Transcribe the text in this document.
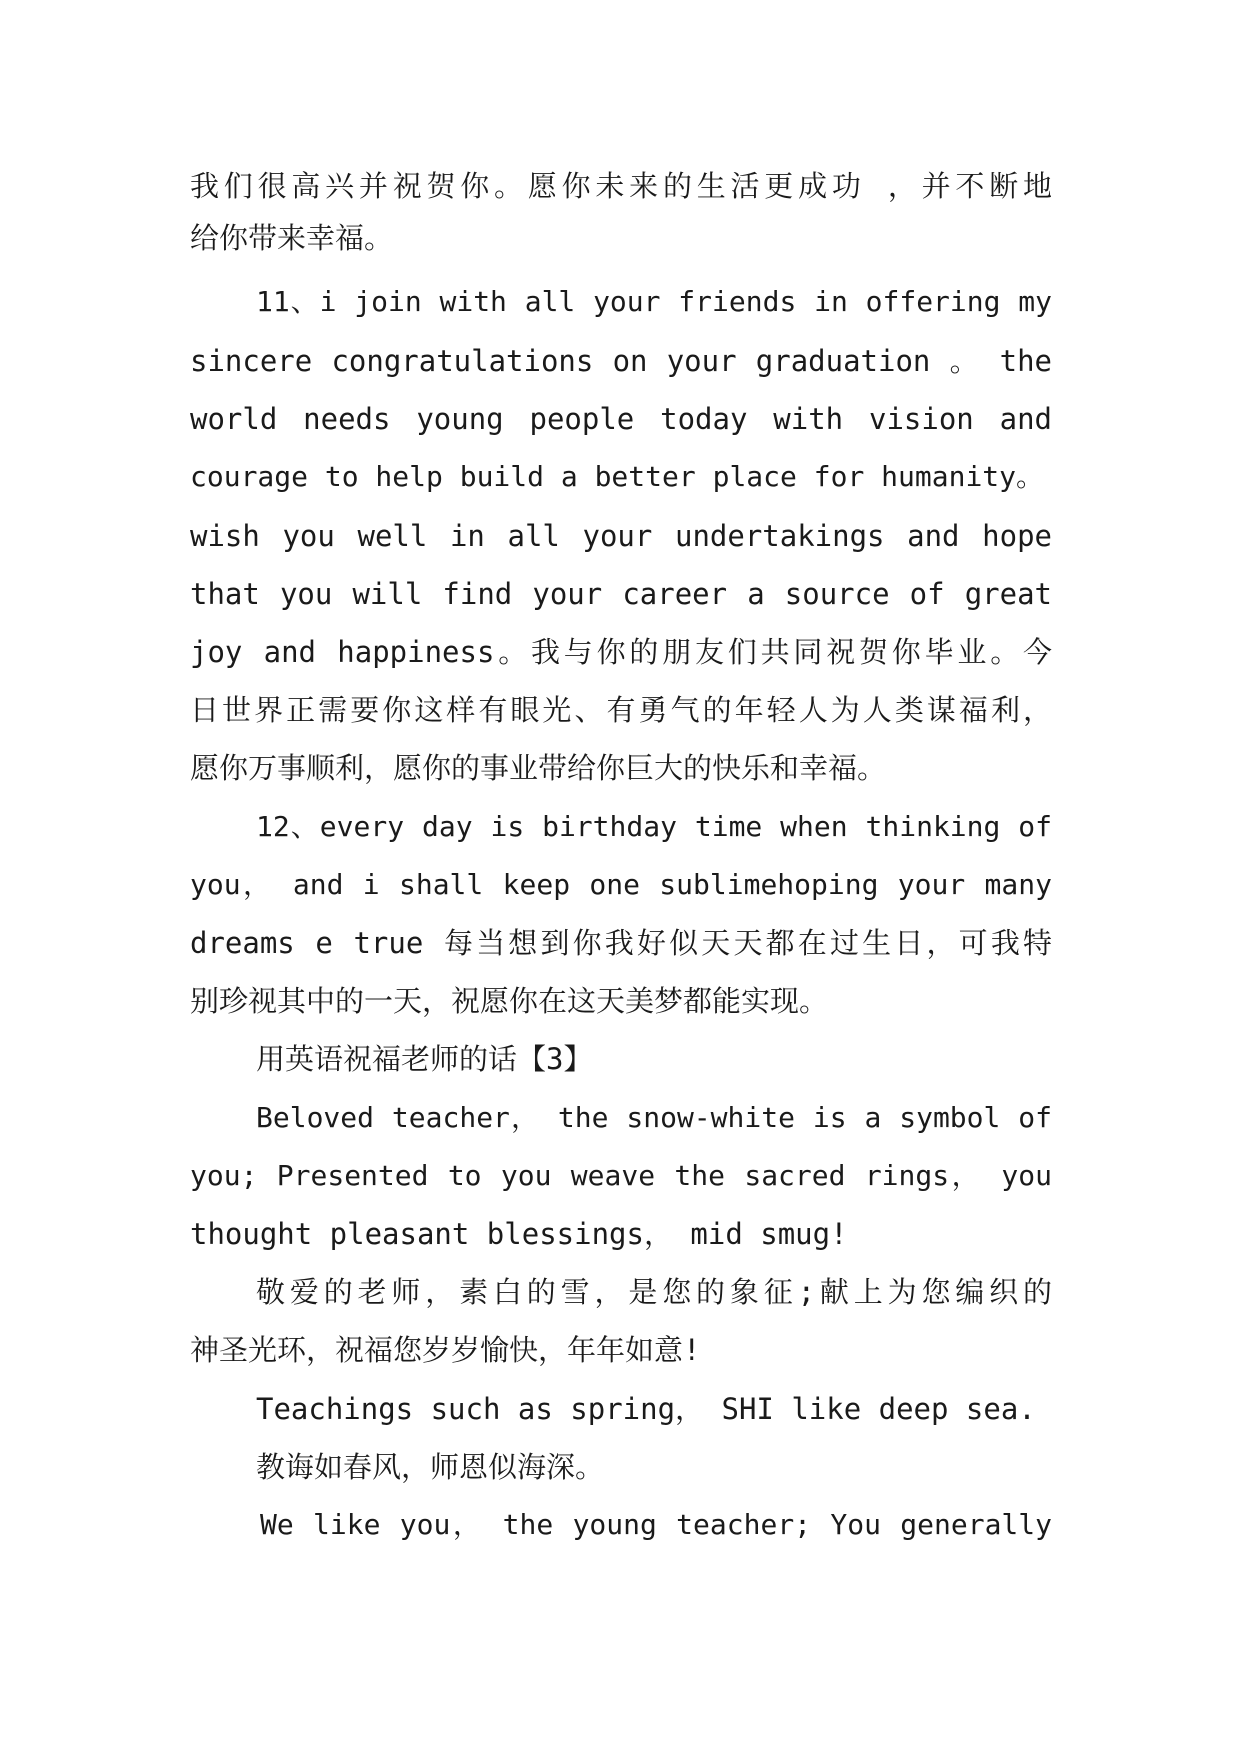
我们很高兴并祝贺你。愿你未来的生活更成功 ，并不断地
给你带来幸福。
11、i join with all your friends in offering my
sincere congratulations on your graduation 。 the
world needs young people today with vision and
courage to help build a better place for humanity。
wish you well in all your undertakings and hope
that you will find your career a source of great
joy and happiness。我与你的朋友们共同祝贺你毕业。今
日世界正需要你这样有眼光、有勇气的年轻人为人类谋福利，
愿你万事顺利，愿你的事业带给你巨大的快乐和幸福。
12、every day is birthday time when thinking of
you， and i shall keep one sublimehoping your many
dreams e true 每当想到你我好似天天都在过生日，可我特
别珍视其中的一天，祝愿你在这天美梦都能实现。
用英语祝福老师的话【3】
Beloved teacher， the snow-white is a symbol of
you; Presented to you weave the sacred rings， you
thought pleasant blessings， mid smug!
敬爱的老师，素白的雪，是您的象征;献上为您编织的
神圣光环，祝福您岁岁愉快，年年如意!
Teachings such as spring， SHI like deep sea.
教诲如春风，师恩似海深。
We like you， the young teacher; You generally
